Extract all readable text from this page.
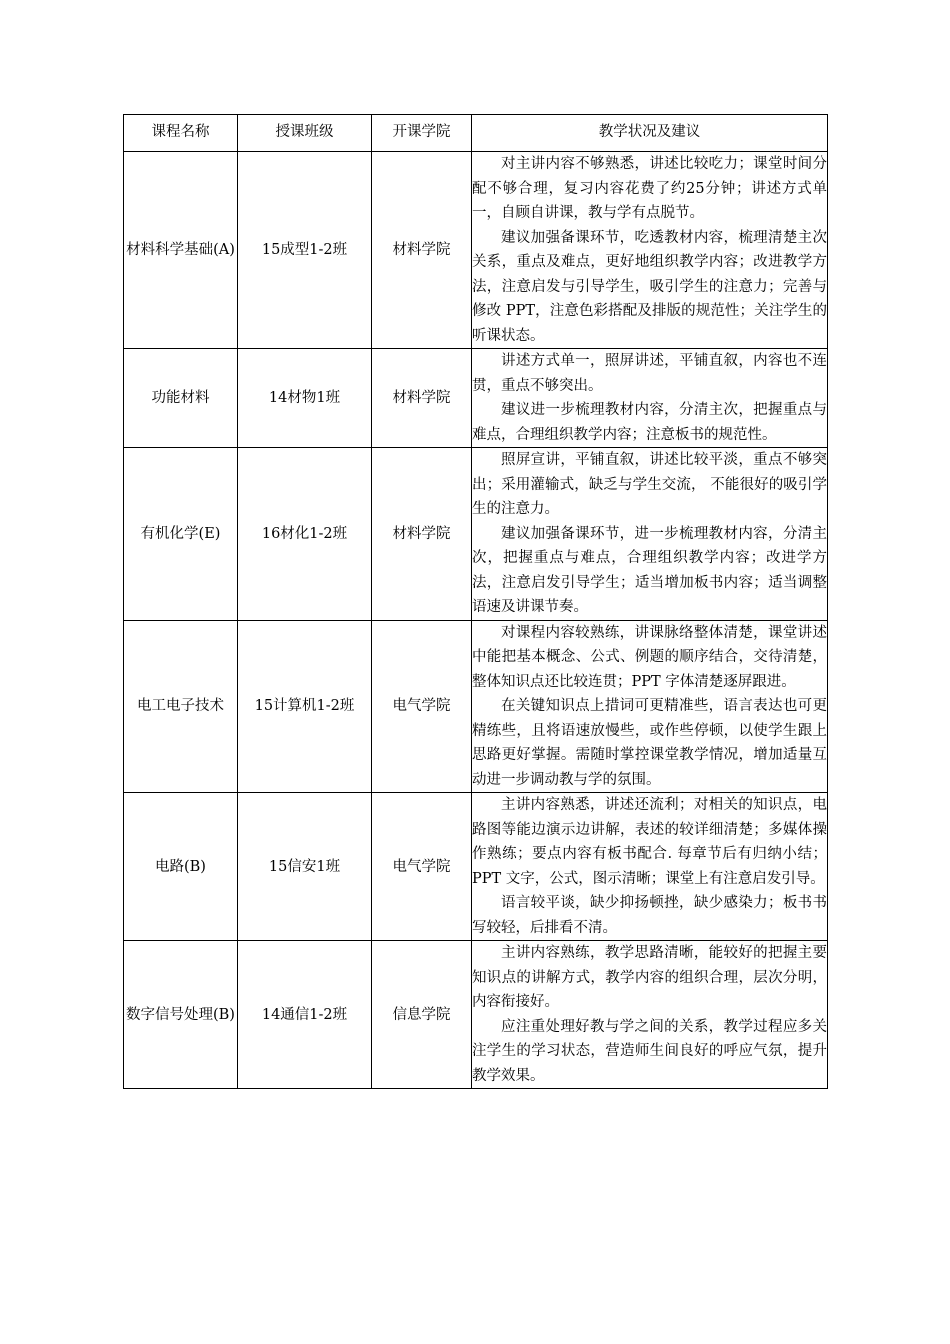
课程名称	授课班级	开课学院	教学状况及建议
材料科学基础(A)	15成型1-2班	材料学院	对主讲内容不够熟悉，讲述比较吃力；课堂时间分配不够合理，复习内容花费了约25分钟；讲述方式单一，自顾自讲课，教与学有点脱节。

建议加强备课环节，吃透教材内容，梳理清楚主次关系，重点及难点，更好地组织教学内容；改进教学方法，注意启发与引导学生，吸引学生的注意力；完善与修改 PPT，注意色彩搭配及排版的规范性；关注学生的听课状态。

功能材料	14材物1班	材料学院	讲述方式单一，照屏讲述，平铺直叙，内容也不连贯，重点不够突出。

建议进一步梳理教材内容，分清主次，把握重点与难点，合理组织教学内容；注意板书的规范性。

有机化学(E)	16材化1-2班	材料学院	照屏宣讲，平铺直叙，讲述比较平淡，重点不够突出；采用灌输式，缺乏与学生交流， 不能很好的吸引学生的注意力。

建议加强备课环节，进一步梳理教材内容，分清主次，把握重点与难点，合理组织教学内容；改进学方法，注意启发引导学生；适当增加板书内容；适当调整语速及讲课节奏。

电工电子技术	15计算机1-2班	电气学院	对课程内容较熟练，讲课脉络整体清楚，课堂讲述中能把基本概念、公式、例题的顺序结合，交待清楚，整体知识点还比较连贯；PPT 字体清楚逐屏跟进。

在关键知识点上措词可更精准些，语言表达也可更精练些，且将语速放慢些，或作些停顿，以使学生跟上思路更好掌握。需随时掌控课堂教学情况，增加适量互动进一步调动教与学的氛围。

电路(B)	15信安1班	电气学院	主讲内容熟悉，讲述还流利；对相关的知识点，电路图等能边演示边讲解，表述的较详细清楚；多媒体操作熟练；要点内容有板书配合. 每章节后有归纳小结； PPT 文字，公式，图示清晰；课堂上有注意启发引导。

语言较平谈，缺少抑扬顿挫，缺少感染力；板书书写较轻，后排看不清。

数字信号处理(B)	14通信1-2班	信息学院	主讲内容熟练，教学思路清晰，能较好的把握主要知识点的讲解方式，教学内容的组织合理，层次分明，内容衔接好。

应注重处理好教与学之间的关系，教学过程应多关注学生的学习状态，营造师生间良好的呼应气氛，提升教学效果。
